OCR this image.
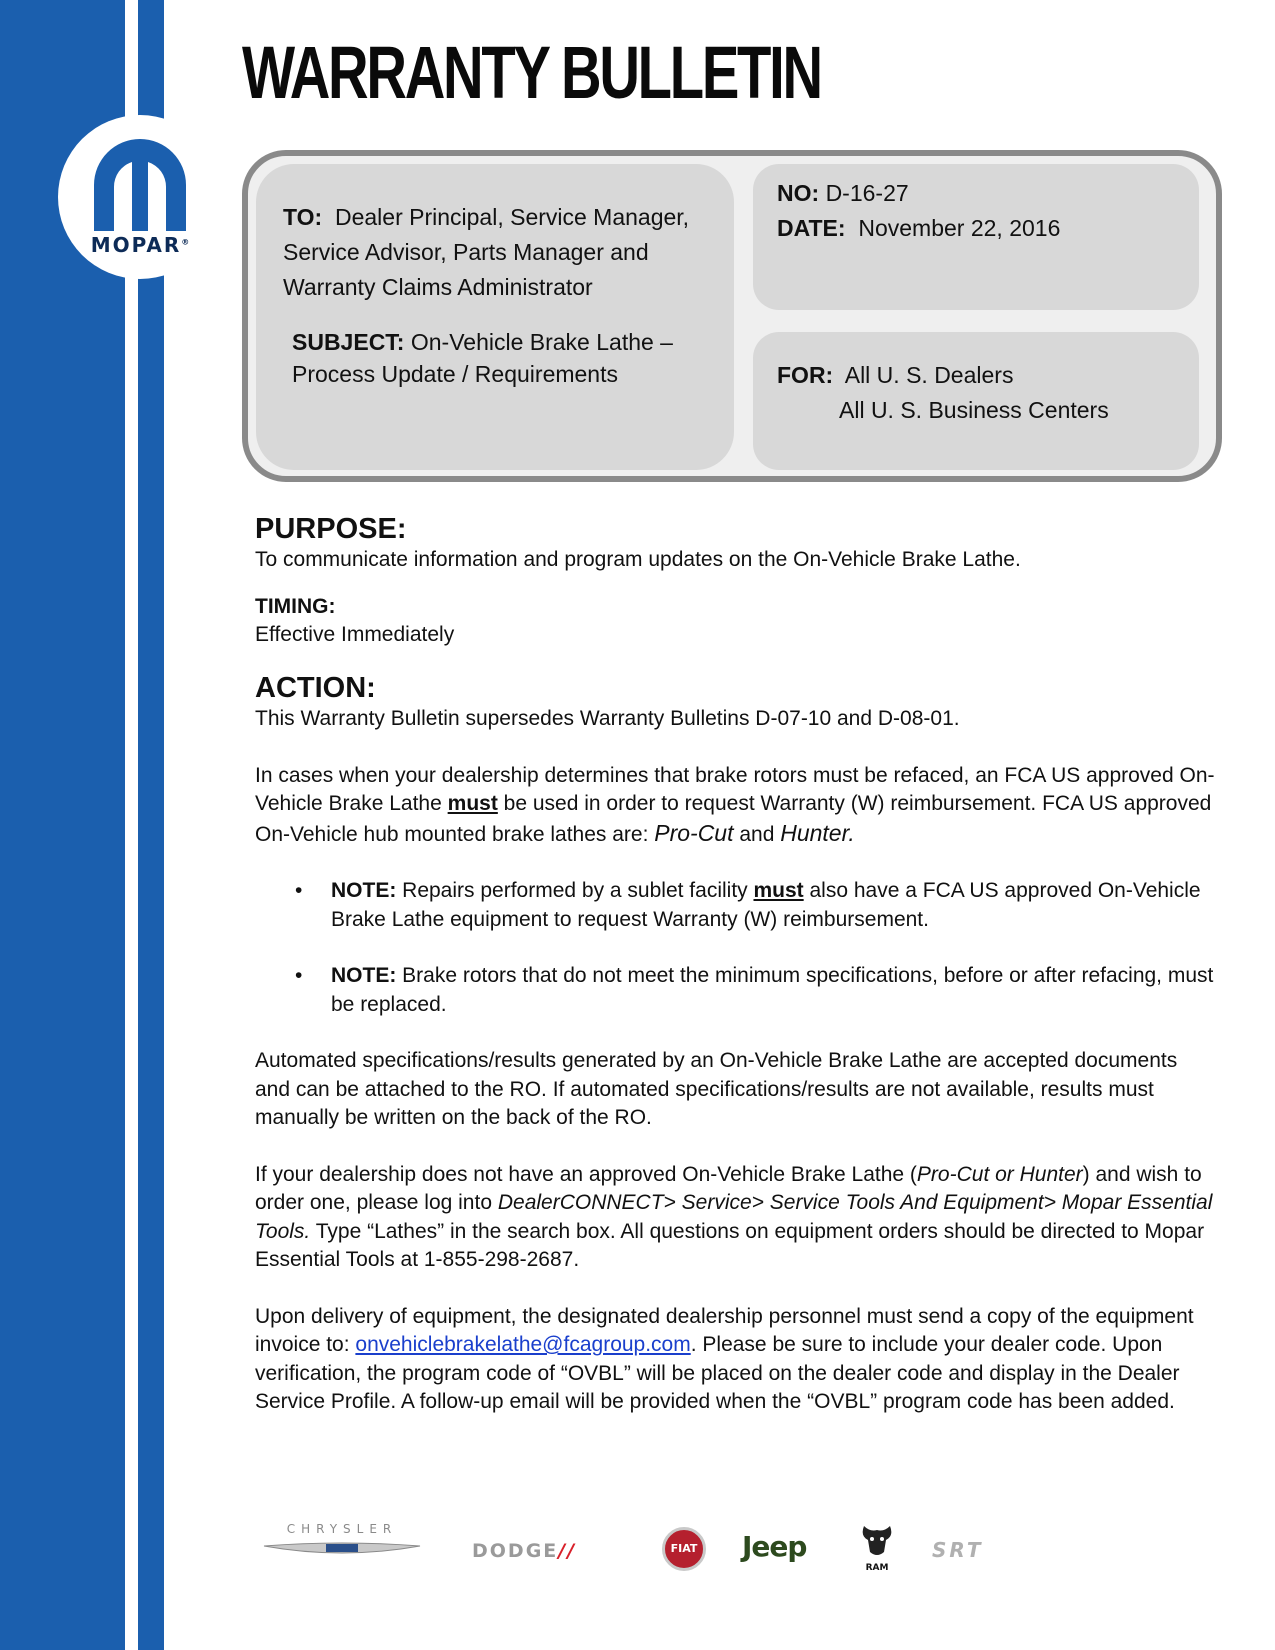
MOPAR®
WARRANTY BULLETIN
TO: Dealer Principal, Service Manager, Service Advisor, Parts Manager and Warranty Claims Administrator
SUBJECT: On-Vehicle Brake Lathe –
Process Update / Requirements
NO: D-16-27
DATE: November 22, 2016
FOR: All U. S. Dealers
All U. S. Business Centers
PURPOSE:

To communicate information and program updates on the On-Vehicle Brake Lathe.

TIMING:

Effective Immediately

ACTION:

This Warranty Bulletin supersedes Warranty Bulletins D-07-10 and D-08-01.

In cases when your dealership determines that brake rotors must be refaced, an FCA US approved On-Vehicle Brake Lathe must be used in order to request Warranty (W) reimbursement. FCA US approved On-Vehicle hub mounted brake lathes are: Pro-Cut and Hunter.

• NOTE: Repairs performed by a sublet facility must also have a FCA US approved On-Vehicle Brake Lathe equipment to request Warranty (W) reimbursement.
• NOTE: Brake rotors that do not meet the minimum specifications, before or after refacing, must be replaced.

Automated specifications/results generated by an On-Vehicle Brake Lathe are accepted documents and can be attached to the RO. If automated specifications/results are not available, results must manually be written on the back of the RO.

If your dealership does not have an approved On-Vehicle Brake Lathe (Pro-Cut or Hunter) and wish to order one, please log into DealerCONNECT> Service> Service Tools And Equipment> Mopar Essential Tools. Type “Lathes” in the search box. All questions on equipment orders should be directed to Mopar Essential Tools at 1-855-298-2687.

Upon delivery of equipment, the designated dealership personnel must send a copy of the equipment invoice to: onvehiclebrakelathe@fcagroup.com. Please be sure to include your dealer code. Upon verification, the program code of “OVBL” will be placed on the dealer code and display in the Dealer Service Profile. A follow-up email will be provided when the “OVBL” program code has been added.

CHRYSLER
DODGE//	FIAT	Jeep
RAM
SRT
